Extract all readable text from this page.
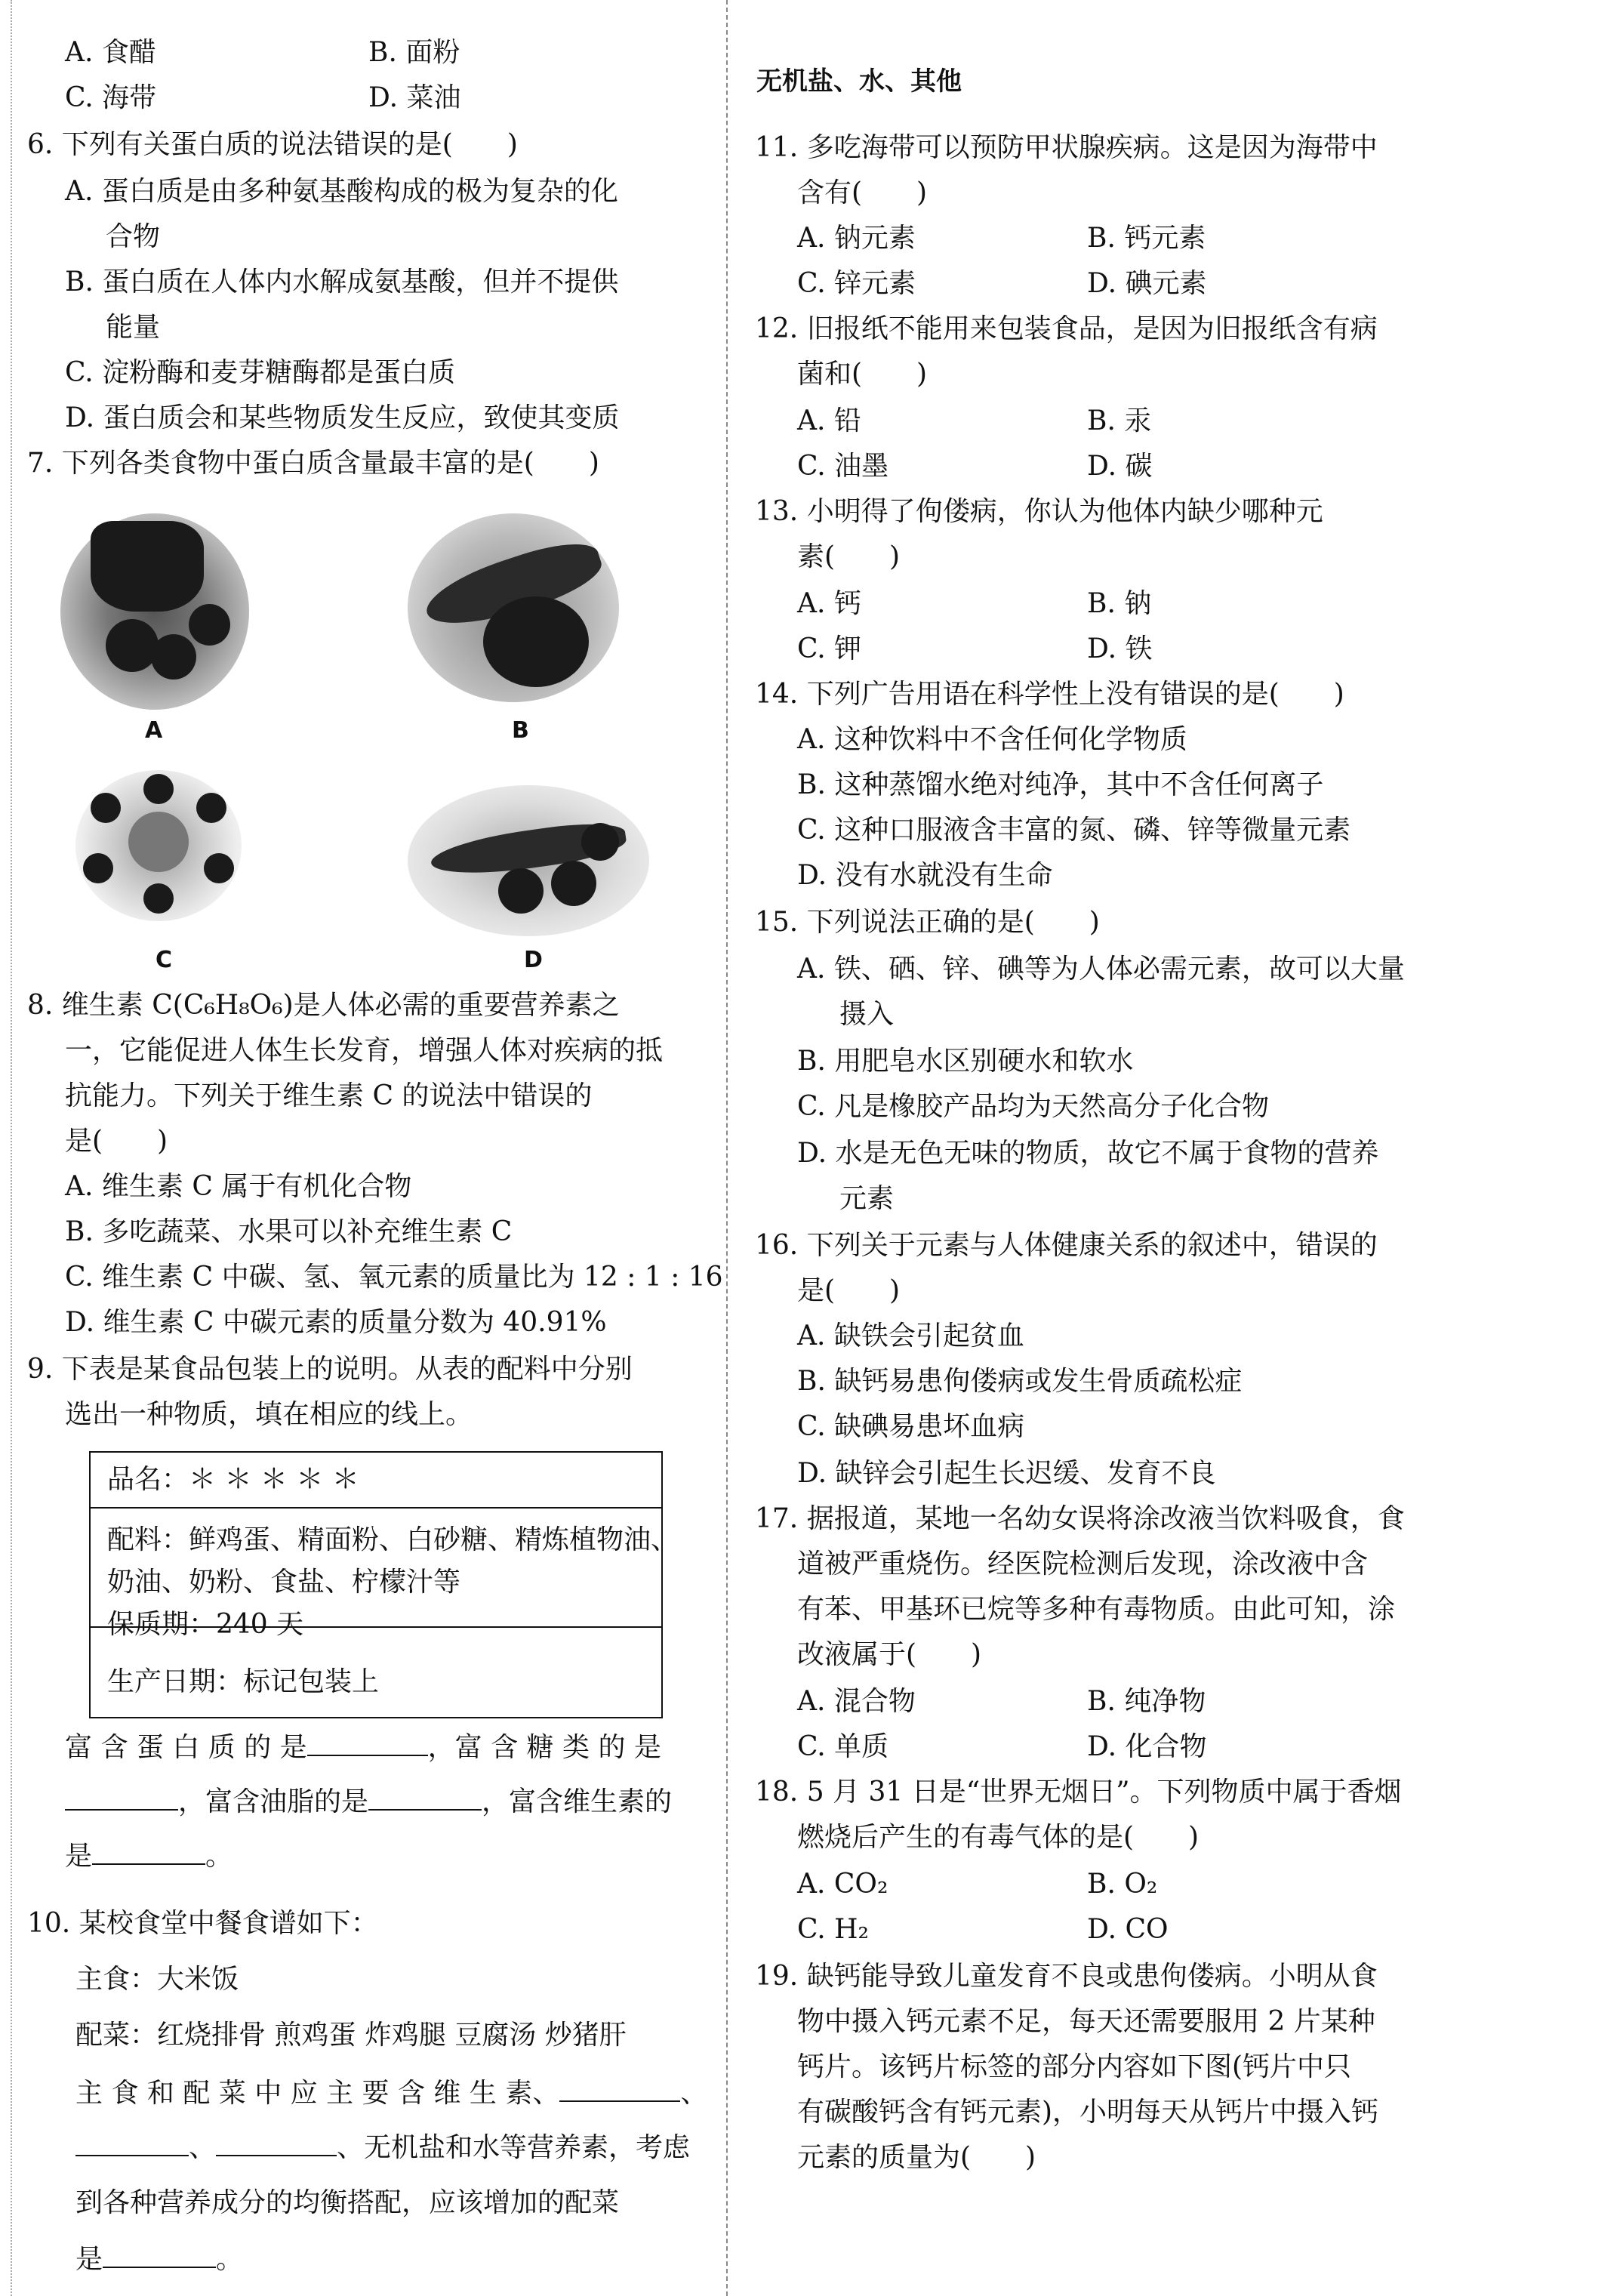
A. 食醋	B. 面粉
C. 海带	D. 菜油
6. 下列有关蛋白质的说法错误的是(　　)
A. 蛋白质是由多种氨基酸构成的极为复杂的化
合物
B. 蛋白质在人体内水解成氨基酸，但并不提供
能量
C. 淀粉酶和麦芽糖酶都是蛋白质
D. 蛋白质会和某些物质发生反应，致使其变质
7. 下列各类食物中蛋白质含量最丰富的是(　　)
A	B
C	D
8. 维生素 C(C₆H₈O₆)是人体必需的重要营养素之
一，它能促进人体生长发育，增强人体对疾病的抵
抗能力。下列关于维生素 C 的说法中错误的
是(　　)
A. 维生素 C 属于有机化合物
B. 多吃蔬菜、水果可以补充维生素 C
C. 维生素 C 中碳、氢、氧元素的质量比为 12 : 1 : 16
D. 维生素 C 中碳元素的质量分数为 40.91%
9. 下表是某食品包装上的说明。从表的配料中分别
选出一种物质，填在相应的线上。
品名：＊ ＊ ＊ ＊ ＊
配料：鲜鸡蛋、精面粉、白砂糖、精炼植物油、
奶油、奶粉、食盐、柠檬汁等
保质期：240 天
生产日期：标记包装上
富 含 蛋 白 质 的 是	，富 含 糖 类 的 是
，富含油脂的是	，富含维生素的
是	。
10. 某校食堂中餐食谱如下：
主食：大米饭
配菜：红烧排骨 煎鸡蛋 炸鸡腿 豆腐汤 炒猪肝
主 食 和 配 菜 中 应 主 要 含 维 生 素、	、
、	、无机盐和水等营养素，考虑
到各种营养成分的均衡搭配，应该增加的配菜
是	。
无机盐、水、其他
11. 多吃海带可以预防甲状腺疾病。这是因为海带中
含有(　　)
A. 钠元素	B. 钙元素
C. 锌元素	D. 碘元素
12. 旧报纸不能用来包装食品，是因为旧报纸含有病
菌和(　　)
A. 铅	B. 汞
C. 油墨	D. 碳
13. 小明得了佝偻病，你认为他体内缺少哪种元
素(　　)
A. 钙	B. 钠
C. 钾	D. 铁
14. 下列广告用语在科学性上没有错误的是(　　)
A. 这种饮料中不含任何化学物质
B. 这种蒸馏水绝对纯净，其中不含任何离子
C. 这种口服液含丰富的氮、磷、锌等微量元素
D. 没有水就没有生命
15. 下列说法正确的是(　　)
A. 铁、硒、锌、碘等为人体必需元素，故可以大量
摄入
B. 用肥皂水区别硬水和软水
C. 凡是橡胶产品均为天然高分子化合物
D. 水是无色无味的物质，故它不属于食物的营养
元素
16. 下列关于元素与人体健康关系的叙述中，错误的
是(　　)
A. 缺铁会引起贫血
B. 缺钙易患佝偻病或发生骨质疏松症
C. 缺碘易患坏血病
D. 缺锌会引起生长迟缓、发育不良
17. 据报道，某地一名幼女误将涂改液当饮料吸食，食
道被严重烧伤。经医院检测后发现，涂改液中含
有苯、甲基环已烷等多种有毒物质。由此可知，涂
改液属于(　　)
A. 混合物	B. 纯净物
C. 单质	D. 化合物
18. 5 月 31 日是“世界无烟日”。下列物质中属于香烟
燃烧后产生的有毒气体的是(　　)
A. CO₂	B. O₂
C. H₂	D. CO
19. 缺钙能导致儿童发育不良或患佝偻病。小明从食
物中摄入钙元素不足，每天还需要服用 2 片某种
钙片。该钙片标签的部分内容如下图(钙片中只
有碳酸钙含有钙元素)，小明每天从钙片中摄入钙
元素的质量为(　　)
